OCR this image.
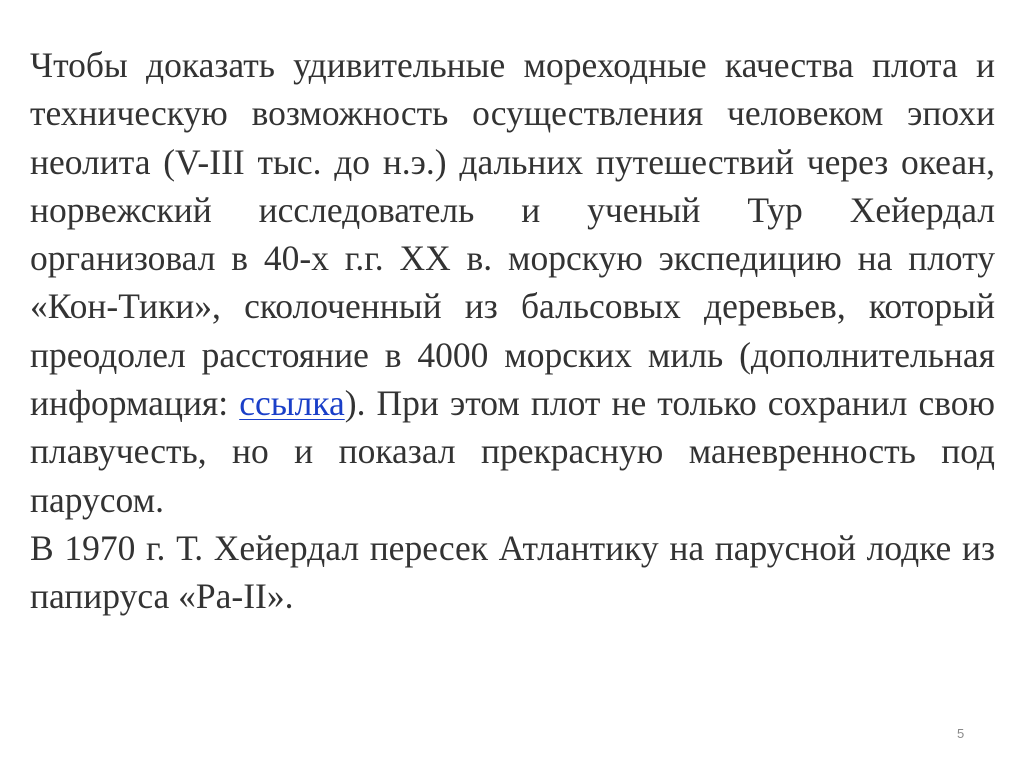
Чтобы доказать удивительные мореходные качества плота и техническую возможность осуществления человеком эпохи неолита (V-III тыс. до н.э.) дальних путешествий через океан, норвежский исследователь и ученый Тур Хейердал организовал в 40-х г.г. XX в. морскую экспедицию на плоту «Кон-Тики», сколоченный из бальсовых деревьев, который преодолел расстояние в 4000 морских миль (дополнительная информация: ссылка). При этом плот не только сохранил свою плавучесть, но и показал прекрасную маневренность под парусом.

В 1970 г. Т. Хейердал пересек Атлантику на парусной лодке из папируса «Ра-II».

5
